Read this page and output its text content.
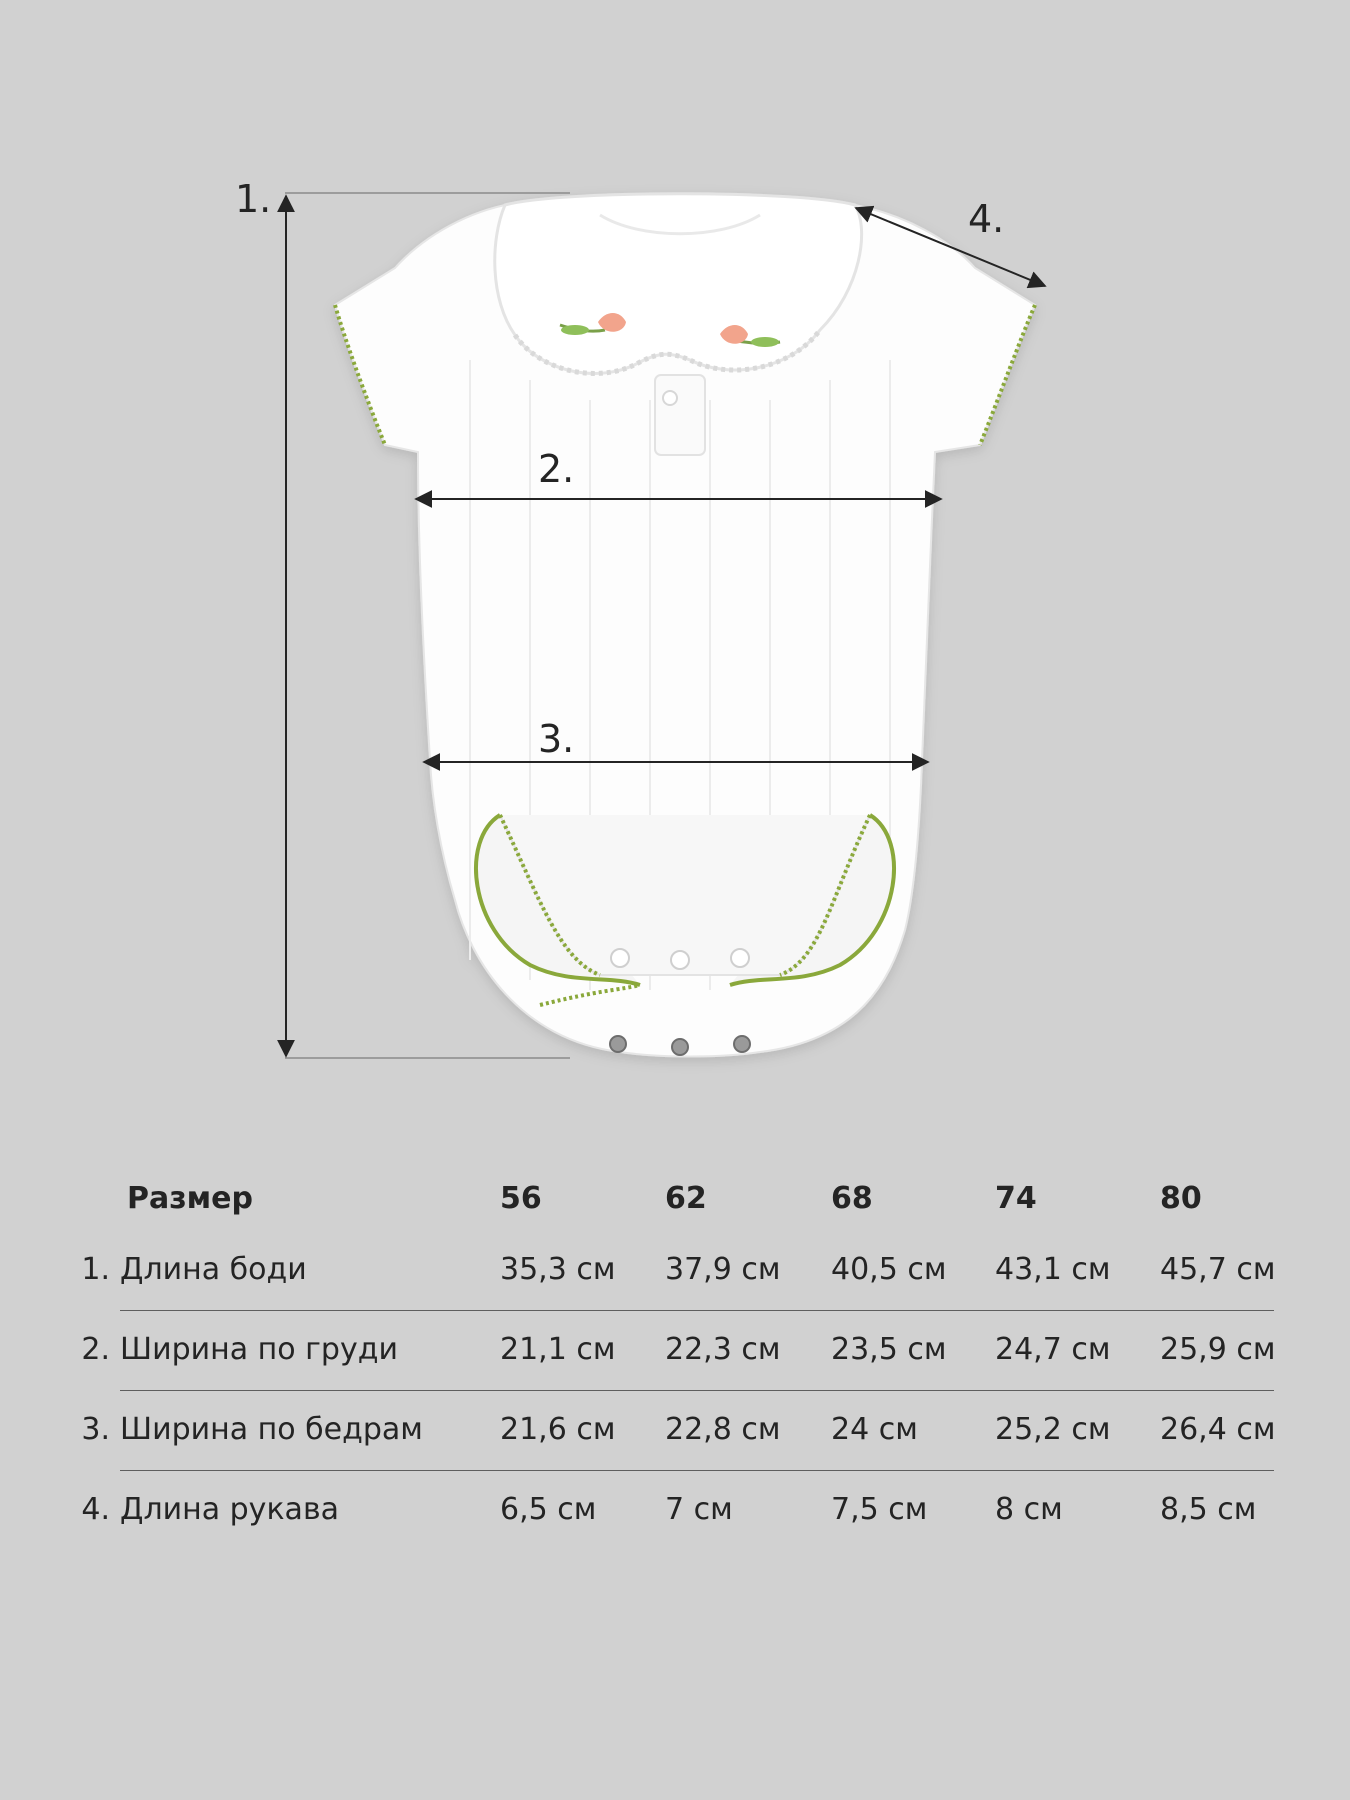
1.
2.
3.
4.
Размер	56	62	68	74	80
1. Длина боди	35,3 см 37,9 см 40,5 см 43,1 см 45,7 см
2. Ширина по груди	21,1 см 22,3 см 23,5 см 24,7 см 25,9 см
3. Ширина по бедрам	21,6 см 22,8 см 24 см	25,2 см 26,4 см
4. Длина рукава	6,5 см 7 см	7,5 см 8 см	8,5 см
